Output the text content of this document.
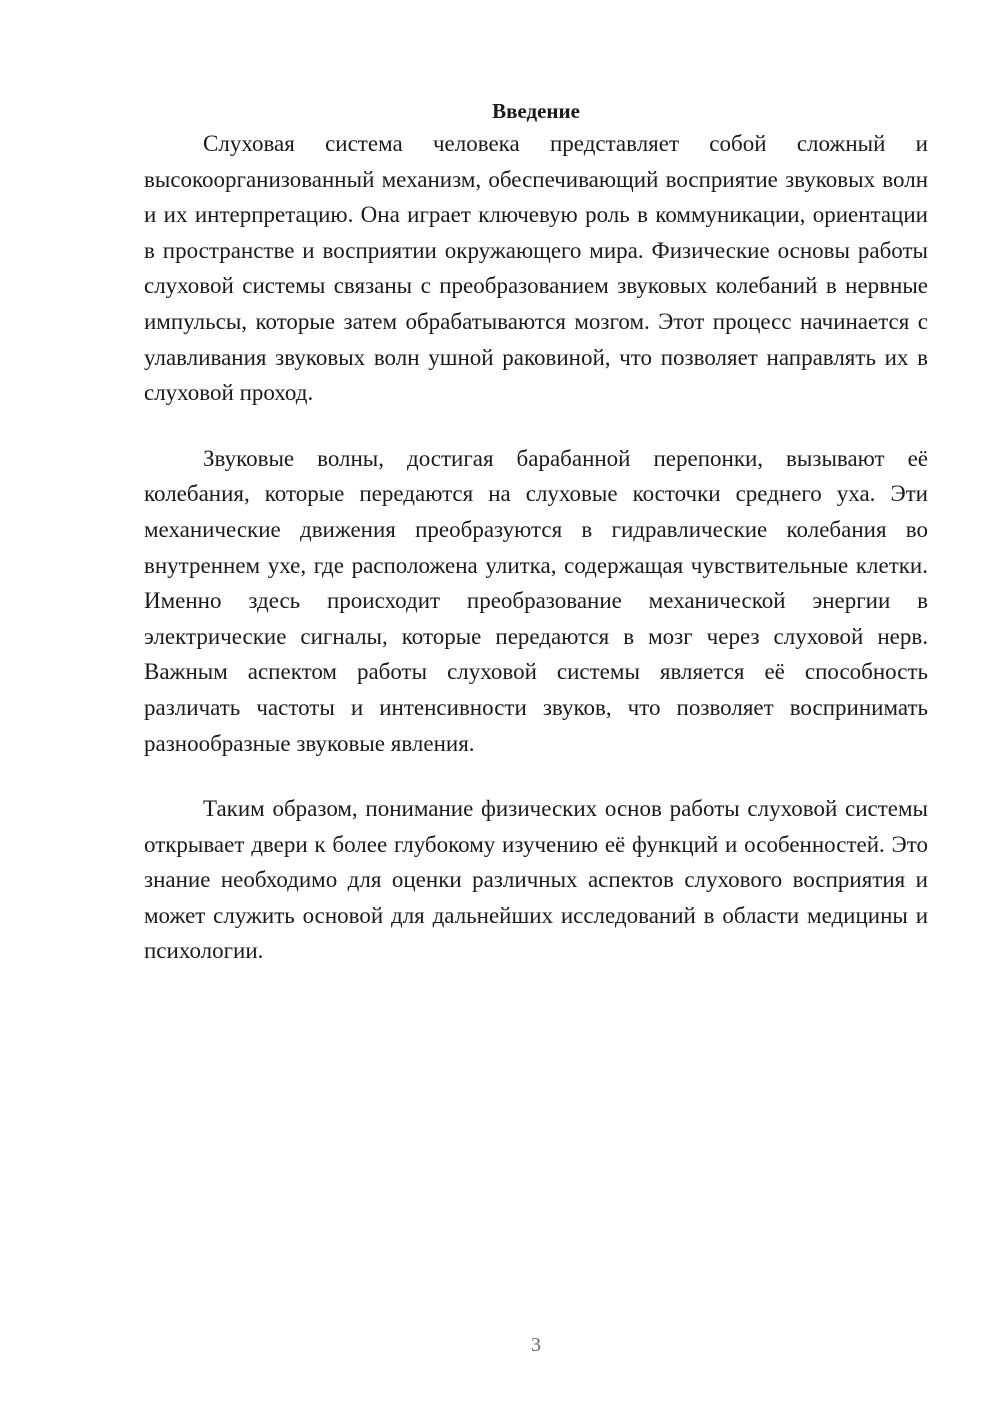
Введение

Слуховая система человека представляет собой сложный и высокоорганизованный механизм, обеспечивающий восприятие звуковых волн и их интерпретацию. Она играет ключевую роль в коммуникации, ориентации в пространстве и восприятии окружающего мира. Физические основы работы слуховой системы связаны с преобразованием звуковых колебаний в нервные импульсы, которые затем обрабатываются мозгом. Этот процесс начинается с улавливания звуковых волн ушной раковиной, что позволяет направлять их в слуховой проход.

Звуковые волны, достигая барабанной перепонки, вызывают её колебания, которые передаются на слуховые косточки среднего уха. Эти механические движения преобразуются в гидравлические колебания во внутреннем ухе, где расположена улитка, содержащая чувствительные клетки. Именно здесь происходит преобразование механической энергии в электрические сигналы, которые передаются в мозг через слуховой нерв. Важным аспектом работы слуховой системы является её способность различать частоты и интенсивности звуков, что позволяет воспринимать разнообразные звуковые явления.

Таким образом, понимание физических основ работы слуховой системы открывает двери к более глубокому изучению её функций и особенностей. Это знание необходимо для оценки различных аспектов слухового восприятия и может служить основой для дальнейших исследований в области медицины и психологии.

3
